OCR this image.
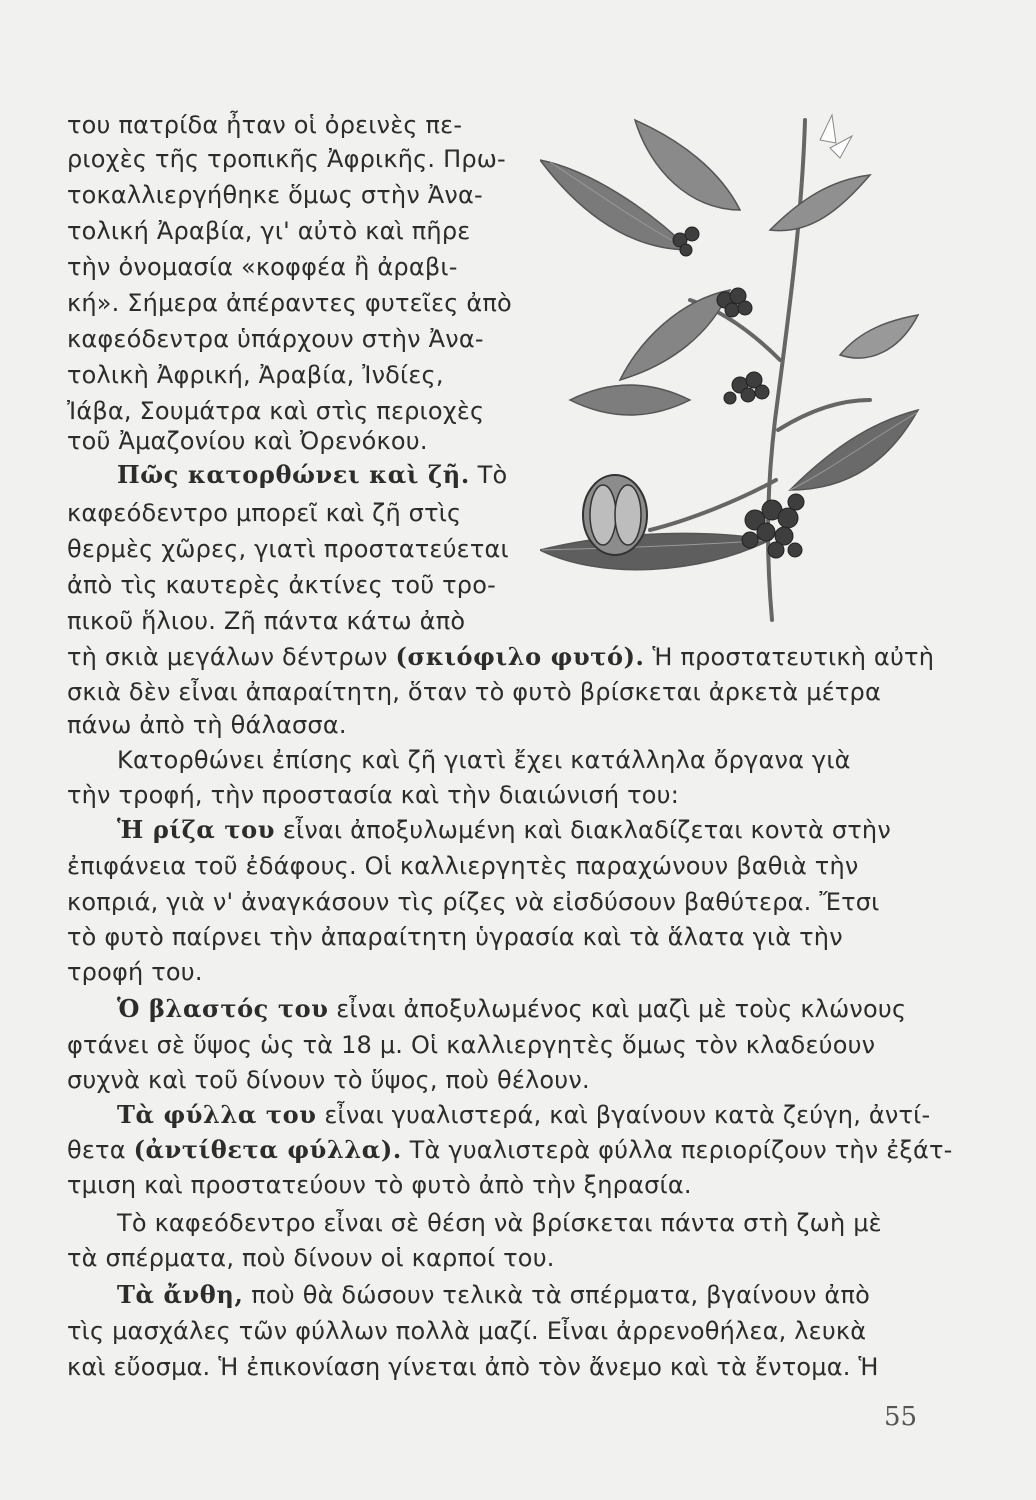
του πατρίδα ἦταν οἱ ὀρεινὲς πε-
ριοχὲς τῆς τροπικῆς Ἀφρικῆς. Πρω-
τοκαλλιεργήθηκε ὅμως στὴν Ἀνα-
τολική Ἀραβία, γι' αὐτὸ καὶ πῆρε
τὴν ὀνομασία «κοφφέα ἢ ἀραβι-
κή». Σήμερα ἀπέραντες φυτεῖες ἀπὸ
καφεόδεντρα ὑπάρχουν στὴν Ἀνα-
τολικὴ Ἀφρική, Ἀραβία, Ἰνδίες,
Ἰάβα, Σουμάτρα καὶ στὶς περιοχὲς
τοῦ Ἀμαζονίου καὶ Ὀρενόκου.
Πῶς κατορθώνει καὶ ζῆ. Τὸ
καφεόδεντρο μπορεῖ καὶ ζῆ στὶς
θερμὲς χῶρες, γιατὶ προστατεύεται
ἀπὸ τὶς καυτερὲς ἀκτίνες τοῦ τρο-
πικοῦ ἥλιου. Ζῆ πάντα κάτω ἀπὸ
τὴ σκιὰ μεγάλων δέντρων (σκιόφιλο φυτό). Ἡ προστατευτικὴ αὐτὴ
σκιὰ δὲν εἶναι ἀπαραίτητη, ὅταν τὸ φυτὸ βρίσκεται ἀρκετὰ μέτρα
πάνω ἀπὸ τὴ θάλασσα.
Κατορθώνει ἐπίσης καὶ ζῆ γιατὶ ἔχει κατάλληλα ὄργανα γιὰ
τὴν τροφή, τὴν προστασία καὶ τὴν διαιώνισή του:
Ἡ ρίζα του εἶναι ἀποξυλωμένη καὶ διακλαδίζεται κοντὰ στὴν
ἐπιφάνεια τοῦ ἐδάφους. Οἱ καλλιεργητὲς παραχώνουν βαθιὰ τὴν
κοπριά, γιὰ ν' ἀναγκάσουν τὶς ρίζες νὰ εἰσδύσουν βαθύτερα. Ἔτσι
τὸ φυτὸ παίρνει τὴν ἀπαραίτητη ὑγρασία καὶ τὰ ἅλατα γιὰ τὴν
τροφή του.
Ὁ βλαστός του εἶναι ἀποξυλωμένος καὶ μαζὶ μὲ τοὺς κλώνους
φτάνει σὲ ὕψος ὡς τὰ 18 μ. Οἱ καλλιεργητὲς ὅμως τὸν κλαδεύουν
συχνὰ καὶ τοῦ δίνουν τὸ ὕψος, ποὺ θέλουν.
Τὰ φύλλα του εἶναι γυαλιστερά, καὶ βγαίνουν κατὰ ζεύγη, ἀντί-
θετα (ἀντίθετα φύλλα). Τὰ γυαλιστερὰ φύλλα περιορίζουν τὴν ἐξάτ-
τμιση καὶ προστατεύουν τὸ φυτὸ ἀπὸ τὴν ξηρασία.
Τὸ καφεόδεντρο εἶναι σὲ θέση νὰ βρίσκεται πάντα στὴ ζωὴ μὲ
τὰ σπέρματα, ποὺ δίνουν οἱ καρποί του.
Τὰ ἄνθη, ποὺ θὰ δώσουν τελικὰ τὰ σπέρματα, βγαίνουν ἀπὸ
τὶς μασχάλες τῶν φύλλων πολλὰ μαζί. Εἶναι ἀρρενοθήλεα, λευκὰ
καὶ εὔοσμα. Ἡ ἐπικονίαση γίνεται ἀπὸ τὸν ἄνεμο καὶ τὰ ἔντομα. Ἡ
55
